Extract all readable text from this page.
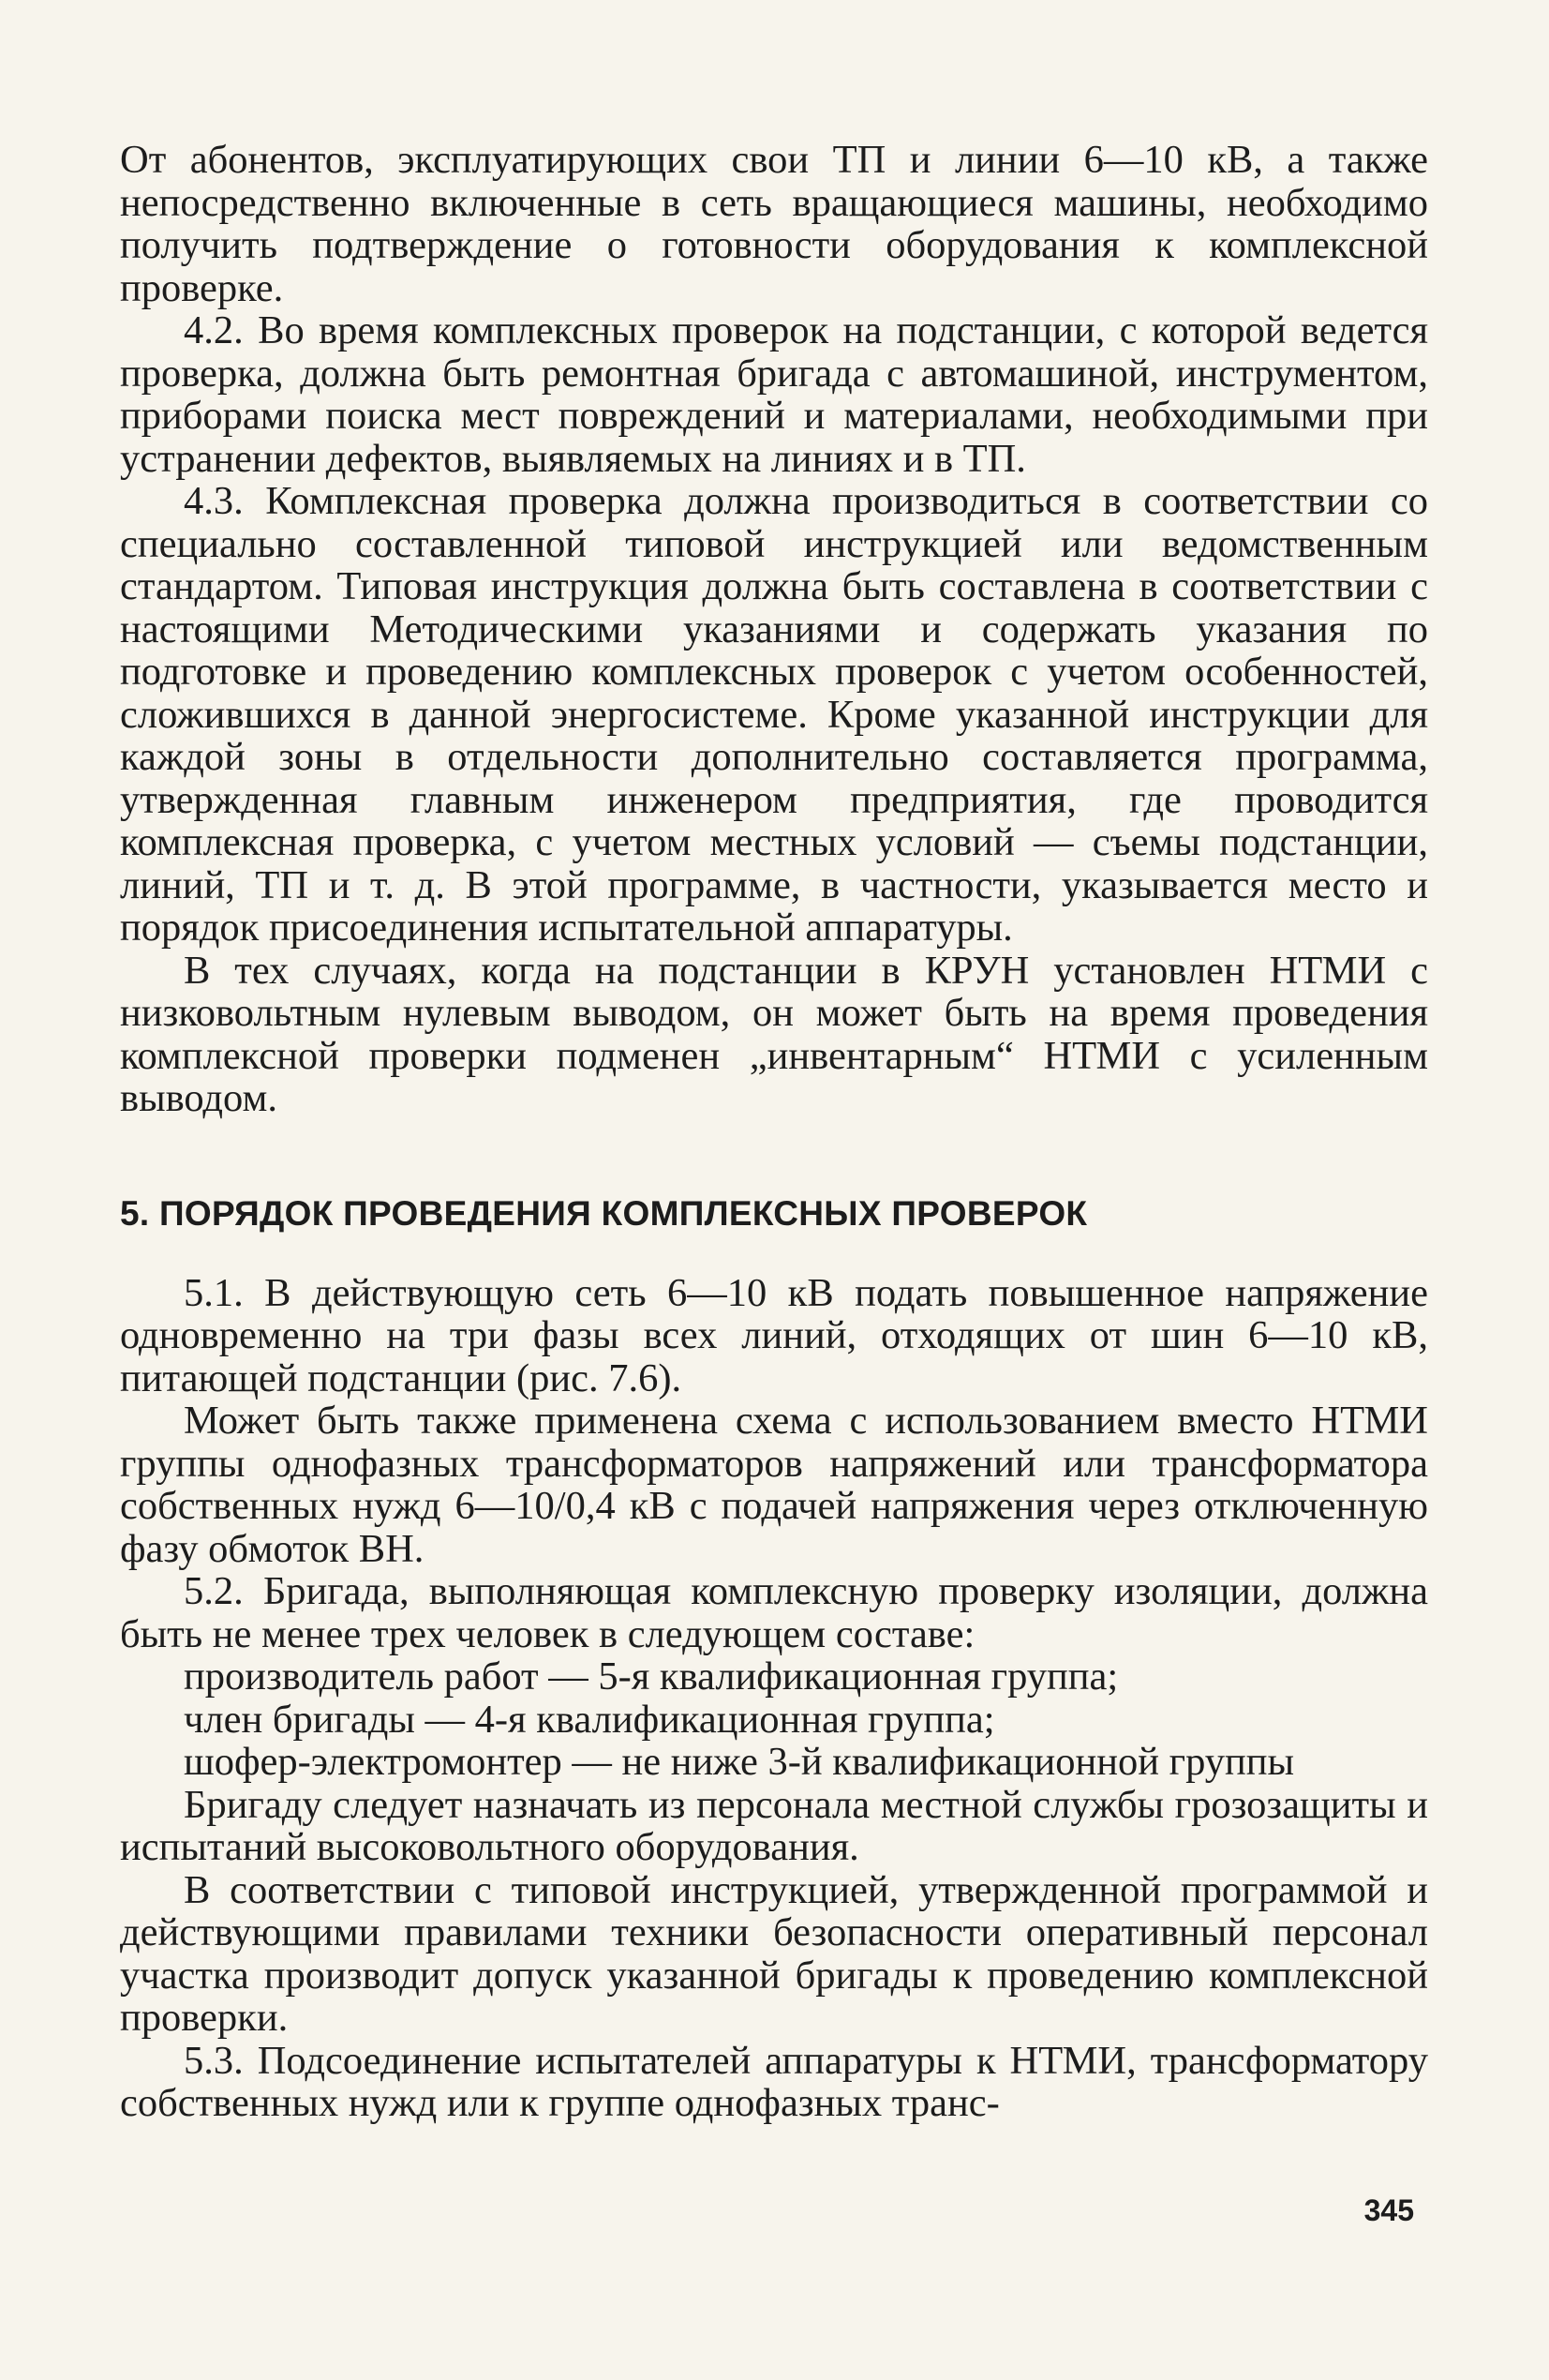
От абонентов, эксплуатирующих свои ТП и линии 6—10 кВ, а также непосредственно включенные в сеть вращающиеся машины, необходимо получить подтверждение о готовности оборудования к комплексной проверке.

4.2. Во время комплексных проверок на подстанции, с которой ведется проверка, должна быть ремонтная бригада с автомашиной, инструментом, приборами поиска мест повреждений и материалами, необходимыми при устранении дефектов, выявляемых на линиях и в ТП.

4.3. Комплексная проверка должна производиться в соответствии со специально составленной типовой инструкцией или ведомственным стандартом. Типовая инструкция должна быть составлена в соответствии с настоящими Методическими указаниями и содержать указания по подготовке и проведению комплексных проверок с учетом особенностей, сложившихся в данной энергосистеме. Кроме указанной инструкции для каждой зоны в отдельности дополнительно составляется программа, утвержденная главным инженером предприятия, где проводится комплексная проверка, с учетом местных условий — съемы подстанции, линий, ТП и т. д. В этой программе, в частности, указывается место и порядок присоединения испытательной аппаратуры.

В тех случаях, когда на подстанции в КРУН установлен НТМИ с низковольтным нулевым выводом, он может быть на время проведения комплексной проверки подменен „инвентарным“ НТМИ с усиленным выводом.

5. ПОРЯДОК ПРОВЕДЕНИЯ КОМПЛЕКСНЫХ ПРОВЕРОК

5.1. В действующую сеть 6—10 кВ подать повышенное напряжение одновременно на три фазы всех линий, отходящих от шин 6—10 кВ, питающей подстанции (рис. 7.6).

Может быть также применена схема с использованием вместо НТМИ группы однофазных трансформаторов напряжений или трансформатора собственных нужд 6—10/0,4 кВ с подачей напряжения через отключенную фазу обмоток ВН.

5.2. Бригада, выполняющая комплексную проверку изоляции, должна быть не менее трех человек в следующем составе:

производитель работ — 5-я квалификационная группа;

член бригады — 4-я квалификационная группа;

шофер-электромонтер — не ниже 3-й квалификационной группы

Бригаду следует назначать из персонала местной службы грозозащиты и испытаний высоковольтного оборудования.

В соответствии с типовой инструкцией, утвержденной программой и действующими правилами техники безопасности оперативный персонал участка производит допуск указанной бригады к проведению комплексной проверки.

5.3. Подсоединение испытателей аппаратуры к НТМИ, трансформатору собственных нужд или к группе однофазных транс-

345
